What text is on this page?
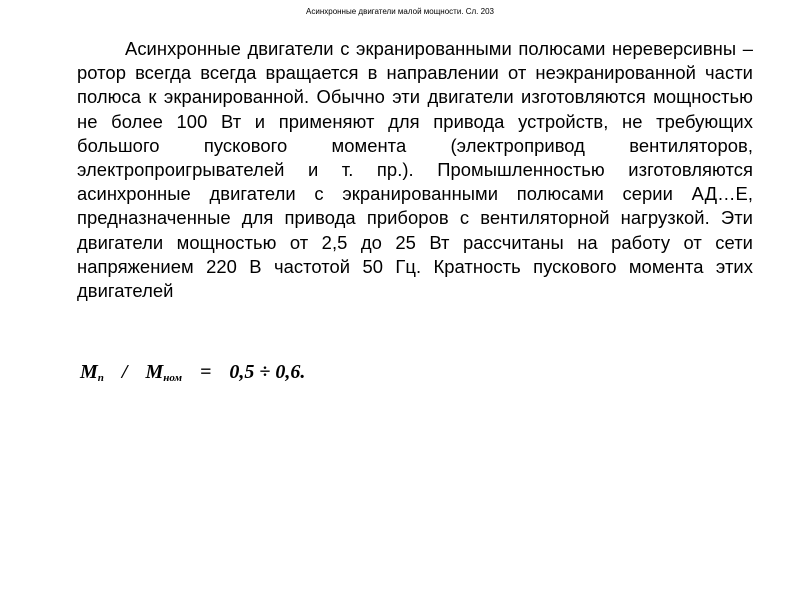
Асинхронные двигатели малой мощности. Сл. 203

Асинхронные двигатели с экранированными полюсами нереверсивны – ротор всегда всегда вращается в направлении от неэкранированной части полюса к экранированной. Обычно эти двигатели изготовляются мощностью не более 100 Вт и применяют для привода устройств, не требующих большого пускового момента (электропривод вентиляторов, электропроигрывателей и т. пр.). Промышленностью изготовляются асинхронные двигатели с экранированными полюсами серии АД…Е, предназначенные для привода приборов с вентиляторной нагрузкой. Эти двигатели мощностью от 2,5 до 25 Вт рассчитаны на работу от сети напряжением 220 В частотой 50 Гц. Кратность пускового момента этих двигателей

$M_п / M_{ном} = 0,5 \div 0,6$.
